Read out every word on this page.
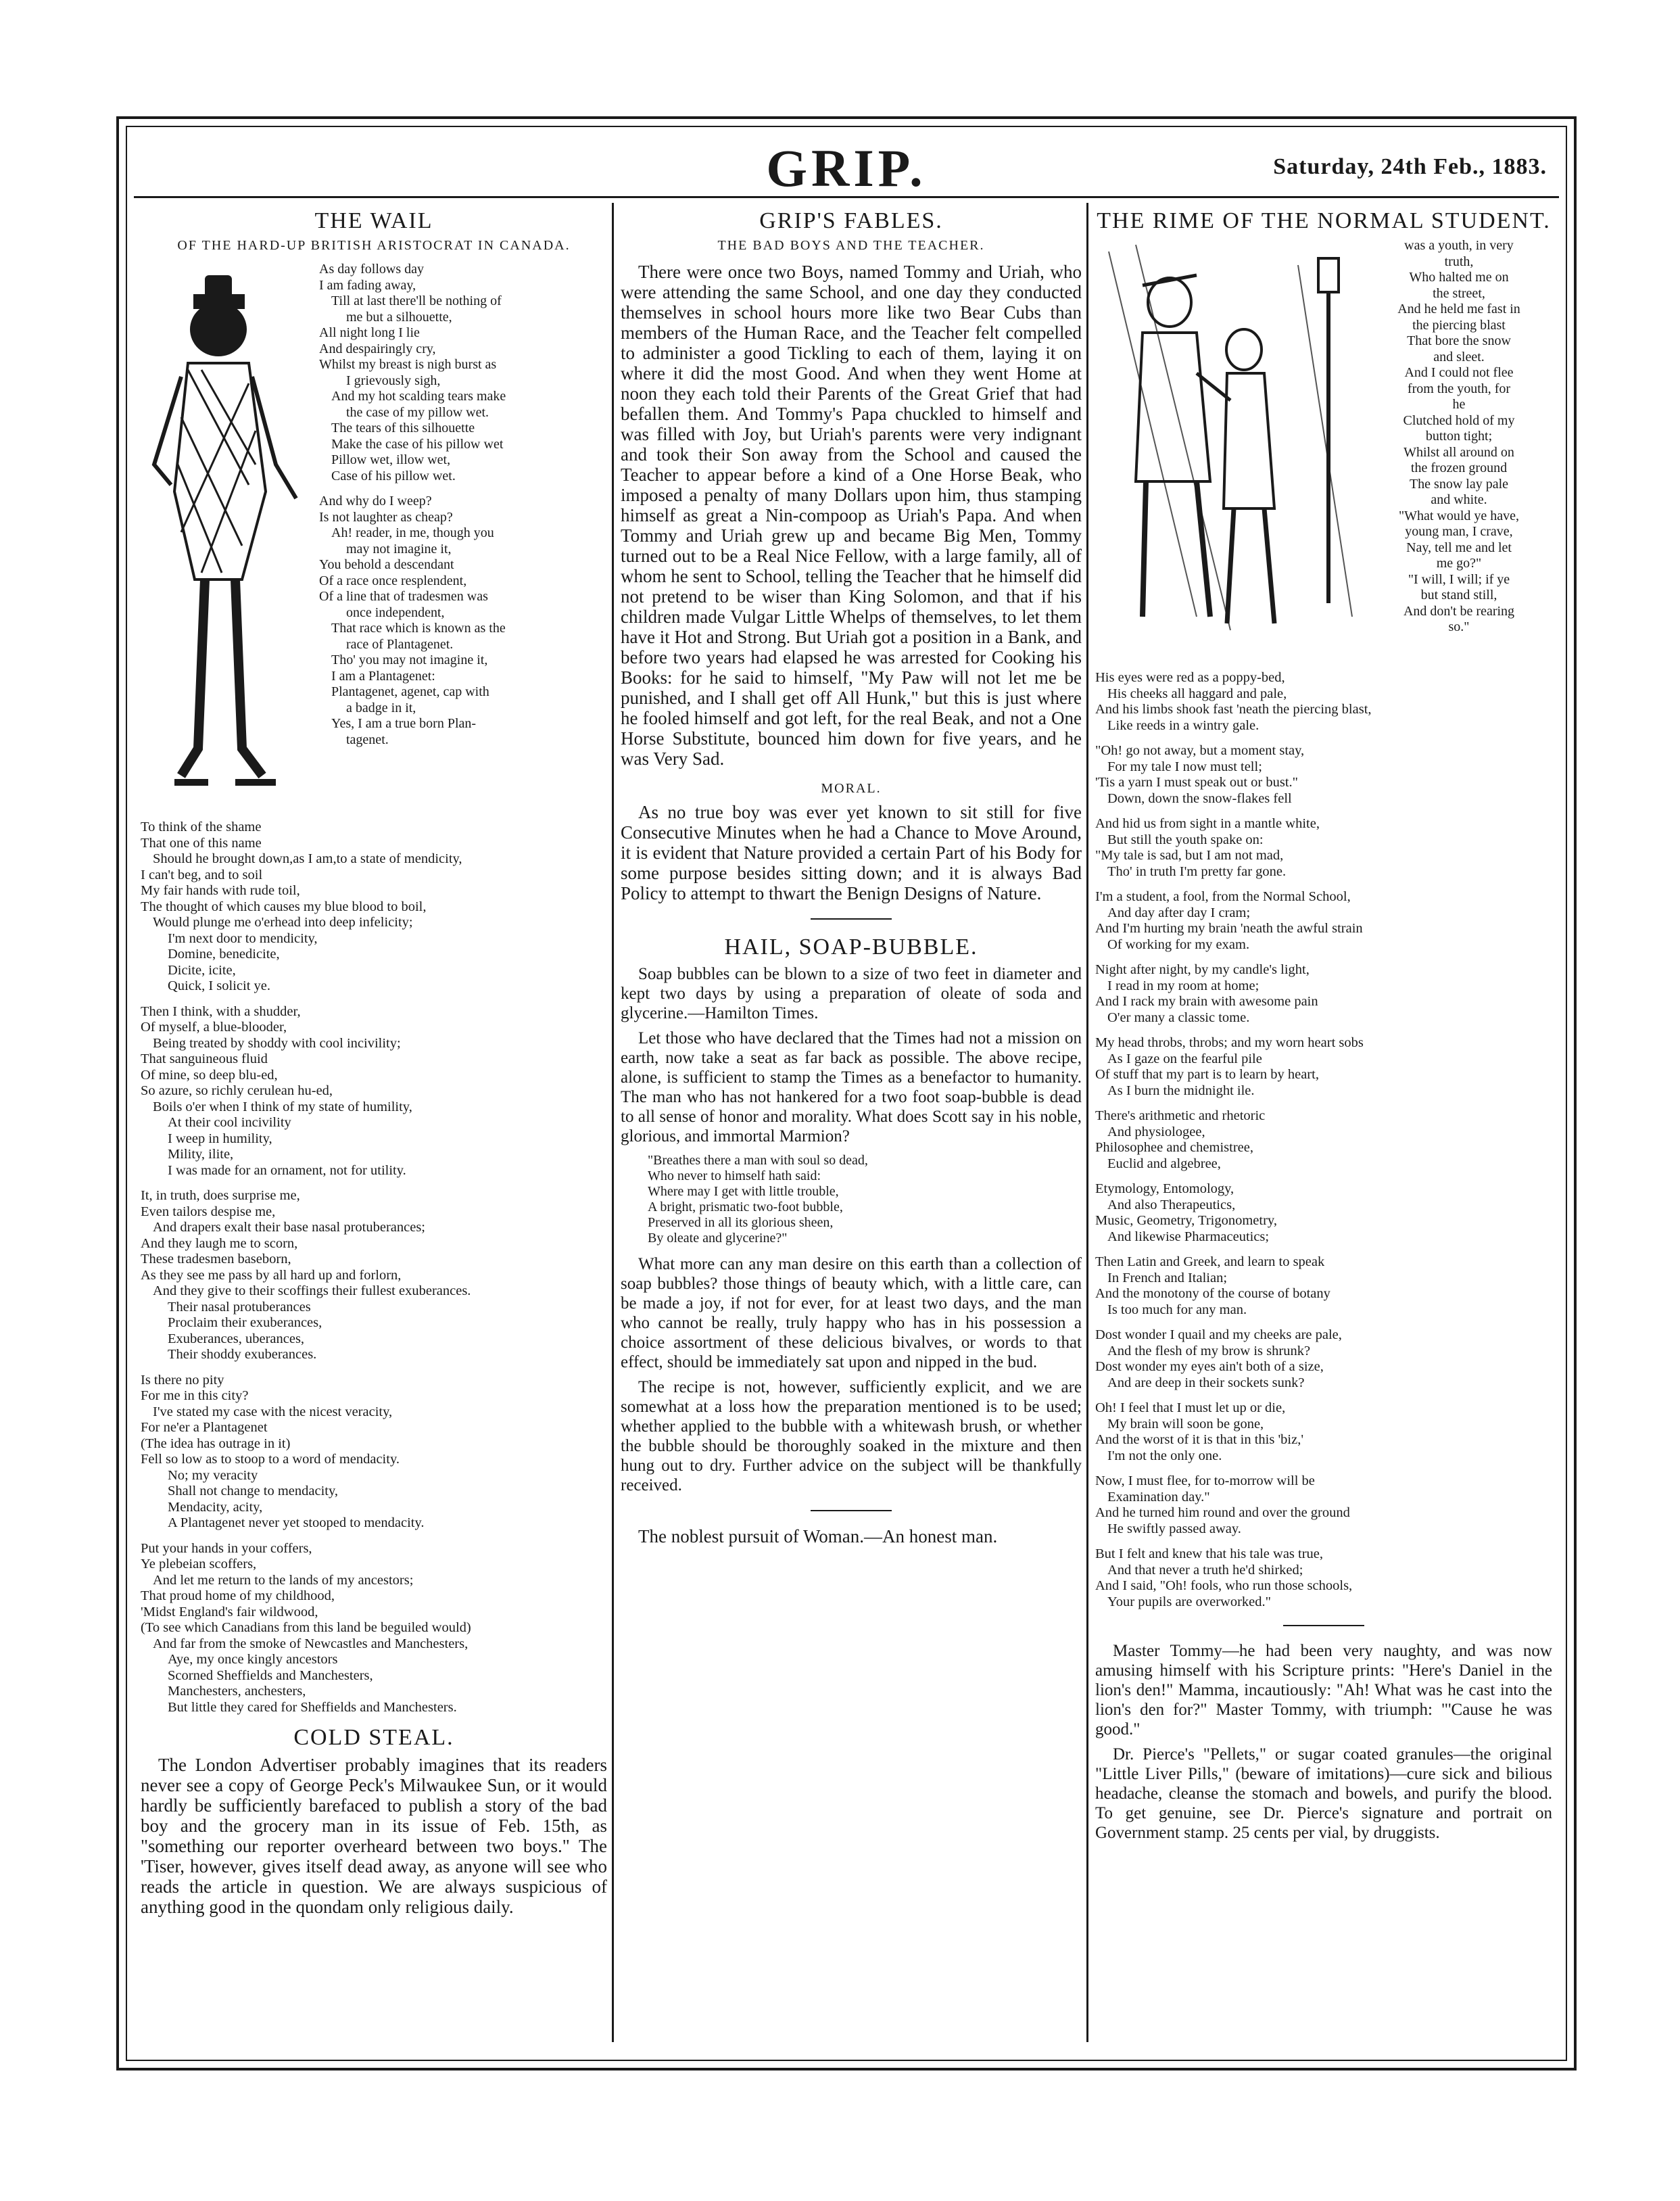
GRIP.	Saturday, 24th Feb., 1883.
THE WAIL
OF THE HARD-UP BRITISH ARISTOCRAT IN CANADA.
As day follows day
I am fading away,
Till at last there'll be nothing of
me but a silhouette,
All night long I lie
And despairingly cry,
Whilst my breast is nigh burst as
I grievously sigh,
And my hot scalding tears make
the case of my pillow wet.
The tears of this silhouette
Make the case of his pillow wet
Pillow wet, illow wet,
Case of his pillow wet.
And why do I weep?
Is not laughter as cheap?
Ah! reader, in me, though you
may not imagine it,
You behold a descendant
Of a race once resplendent,
Of a line that of tradesmen was
once independent,
That race which is known as the
race of Plantagenet.
Tho' you may not imagine it,
I am a Plantagenet:
Plantagenet, agenet, cap with
a badge in it,
Yes, I am a true born Plan-
tagenet.
To think of the shame
That one of this name
Should he brought down,as I am,to a state of mendicity,
I can't beg, and to soil
My fair hands with rude toil,
The thought of which causes my blue blood to boil,
Would plunge me o'erhead into deep infelicity;
I'm next door to mendicity,
Domine, benedicite,
Dicite, icite,
Quick, I solicit ye.
Then I think, with a shudder,
Of myself, a blue-blooder,
Being treated by shoddy with cool incivility;
That sanguineous fluid
Of mine, so deep blu-ed,
So azure, so richly cerulean hu-ed,
Boils o'er when I think of my state of humility,
At their cool incivility
I weep in humility,
Mility, ilite,
I was made for an ornament, not for utility.
It, in truth, does surprise me,
Even tailors despise me,
And drapers exalt their base nasal protuberances;
And they laugh me to scorn,
These tradesmen baseborn,
As they see me pass by all hard up and forlorn,
And they give to their scoffings their fullest exuberances.
Their nasal protuberances
Proclaim their exuberances,
Exuberances, uberances,
Their shoddy exuberances.
Is there no pity
For me in this city?
I've stated my case with the nicest veracity,
For ne'er a Plantagenet
(The idea has outrage in it)
Fell so low as to stoop to a word of mendacity.
No; my veracity
Shall not change to mendacity,
Mendacity, acity,
A Plantagenet never yet stooped to mendacity.
Put your hands in your coffers,
Ye plebeian scoffers,
And let me return to the lands of my ancestors;
That proud home of my childhood,
'Midst England's fair wildwood,
(To see which Canadians from this land be beguiled would)
And far from the smoke of Newcastles and Manchesters,
Aye, my once kingly ancestors
Scorned Sheffields and Manchesters,
Manchesters, anchesters,
But little they cared for Sheffields and Manchesters.
COLD STEAL.

The London Advertiser probably imagines that its readers never see a copy of George Peck's Milwaukee Sun, or it would hardly be sufficiently barefaced to publish a story of the bad boy and the grocery man in its issue of Feb. 15th, as "something our reporter overheard between two boys." The 'Tiser, however, gives itself dead away, as anyone will see who reads the article in question. We are always suspicious of anything good in the quondam only religious daily.

GRIP'S FABLES.
THE BAD BOYS AND THE TEACHER.

There were once two Boys, named Tommy and Uriah, who were attending the same School, and one day they conducted themselves in school hours more like two Bear Cubs than members of the Human Race, and the Teacher felt compelled to administer a good Tickling to each of them, laying it on where it did the most Good. And when they went Home at noon they each told their Parents of the Great Grief that had befallen them. And Tommy's Papa chuckled to himself and was filled with Joy, but Uriah's parents were very indignant and took their Son away from the School and caused the Teacher to appear before a kind of a One Horse Beak, who imposed a penalty of many Dollars upon him, thus stamping himself as great a Nin-compoop as Uriah's Papa. And when Tommy and Uriah grew up and became Big Men, Tommy turned out to be a Real Nice Fellow, with a large family, all of whom he sent to School, telling the Teacher that he himself did not pretend to be wiser than King Solomon, and that if his children made Vulgar Little Whelps of themselves, to let them have it Hot and Strong. But Uriah got a position in a Bank, and before two years had elapsed he was arrested for Cooking his Books: for he said to himself, "My Paw will not let me be punished, and I shall get off All Hunk," but this is just where he fooled himself and got left, for the real Beak, and not a One Horse Substitute, bounced him down for five years, and he was Very Sad.

MORAL.

As no true boy was ever yet known to sit still for five Consecutive Minutes when he had a Chance to Move Around, it is evident that Nature provided a certain Part of his Body for some purpose besides sitting down; and it is always Bad Policy to attempt to thwart the Benign Designs of Nature.

HAIL, SOAP-BUBBLE.

Soap bubbles can be blown to a size of two feet in diameter and kept two days by using a preparation of oleate of soda and glycerine.—Hamilton Times.

Let those who have declared that the Times had not a mission on earth, now take a seat as far back as possible. The above recipe, alone, is sufficient to stamp the Times as a benefactor to humanity. The man who has not hankered for a two foot soap-bubble is dead to all sense of honor and morality. What does Scott say in his noble, glorious, and immortal Marmion?

"Breathes there a man with soul so dead,
Who never to himself hath said:
Where may I get with little trouble,
A bright, prismatic two-foot bubble,
Preserved in all its glorious sheen,
By oleate and glycerine?"

What more can any man desire on this earth than a collection of soap bubbles? those things of beauty which, with a little care, can be made a joy, if not for ever, for at least two days, and the man who cannot be really, truly happy who has in his possession a choice assortment of these delicious bivalves, or words to that effect, should be immediately sat upon and nipped in the bud.

The recipe is not, however, sufficiently explicit, and we are somewhat at a loss how the preparation mentioned is to be used; whether applied to the bubble with a whitewash brush, or whether the bubble should be thoroughly soaked in the mixture and then hung out to dry. Further advice on the subject will be thankfully received.

The noblest pursuit of Woman.—An honest man.

THE RIME OF THE NORMAL STUDENT.
was a youth, in very
truth,
Who halted me on
the street,
And he held me fast in
the piercing blast
That bore the snow
and sleet.
And I could not flee
from the youth, for
he
Clutched hold of my
button tight;
Whilst all around on
the frozen ground
The snow lay pale
and white.
"What would ye have,
young man, I crave,
Nay, tell me and let
me go?"
"I will, I will; if ye
but stand still,
And don't be rearing
so."
His eyes were red as a poppy-bed,
His cheeks all haggard and pale,
And his limbs shook fast 'neath the piercing blast,
Like reeds in a wintry gale.
"Oh! go not away, but a moment stay,
For my tale I now must tell;
'Tis a yarn I must speak out or bust."
Down, down the snow-flakes fell
And hid us from sight in a mantle white,
But still the youth spake on:
"My tale is sad, but I am not mad,
Tho' in truth I'm pretty far gone.
I'm a student, a fool, from the Normal School,
And day after day I cram;
And I'm hurting my brain 'neath the awful strain
Of working for my exam.
Night after night, by my candle's light,
I read in my room at home;
And I rack my brain with awesome pain
O'er many a classic tome.
My head throbs, throbs; and my worn heart sobs
As I gaze on the fearful pile
Of stuff that my part is to learn by heart,
As I burn the midnight ile.
There's arithmetic and rhetoric
And physiologee,
Philosophee and chemistree,
Euclid and algebree,
Etymology, Entomology,
And also Therapeutics,
Music, Geometry, Trigonometry,
And likewise Pharmaceutics;
Then Latin and Greek, and learn to speak
In French and Italian;
And the monotony of the course of botany
Is too much for any man.
Dost wonder I quail and my cheeks are pale,
And the flesh of my brow is shrunk?
Dost wonder my eyes ain't both of a size,
And are deep in their sockets sunk?
Oh! I feel that I must let up or die,
My brain will soon be gone,
And the worst of it is that in this 'biz,'
I'm not the only one.
Now, I must flee, for to-morrow will be
Examination day."
And he turned him round and over the ground
He swiftly passed away.
But I felt and knew that his tale was true,
And that never a truth he'd shirked;
And I said, "Oh! fools, who run those schools,
Your pupils are overworked."

Master Tommy—he had been very naughty, and was now amusing himself with his Scripture prints: "Here's Daniel in the lion's den!" Mamma, incautiously: "Ah! What was he cast into the lion's den for?" Master Tommy, with triumph: "'Cause he was good."

Dr. Pierce's "Pellets," or sugar coated granules—the original "Little Liver Pills," (beware of imitations)—cure sick and bilious headache, cleanse the stomach and bowels, and purify the blood. To get genuine, see Dr. Pierce's signature and portrait on Government stamp. 25 cents per vial, by druggists.
